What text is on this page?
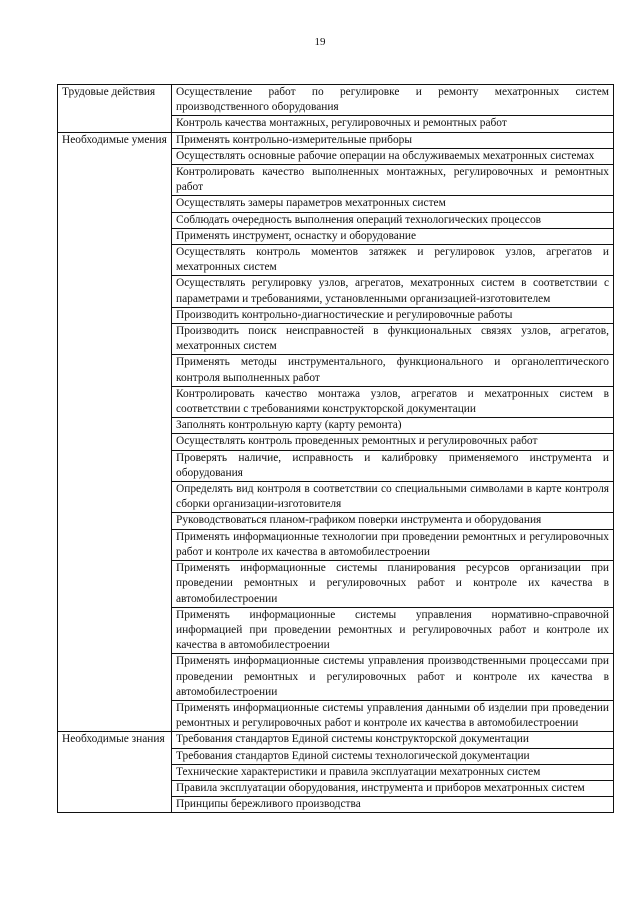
19
Трудовые действия	Осуществление работ по регулировке и ремонту мехатронных систем производственного оборудования
	Контроль качества монтажных, регулировочных и ремонтных работ
Необходимые умения	Применять контрольно-измерительные приборы
	Осуществлять основные рабочие операции на обслуживаемых мехатронных системах
	Контролировать качество выполненных монтажных, регулировочных и ремонтных работ
	Осуществлять замеры параметров мехатронных систем
	Соблюдать очередность выполнения операций технологических процессов
	Применять инструмент, оснастку и оборудование
	Осуществлять контроль моментов затяжек и регулировок узлов, агрегатов и мехатронных систем
	Осуществлять регулировку узлов, агрегатов, мехатронных систем в соответствии с параметрами и требованиями, установленными организацией-изготовителем
	Производить контрольно-диагностические и регулировочные работы
	Производить поиск неисправностей в функциональных связях узлов, агрегатов, мехатронных систем
	Применять методы инструментального, функционального и органолептического контроля выполненных работ
	Контролировать качество монтажа узлов, агрегатов и мехатронных систем в соответствии с требованиями конструкторской документации
	Заполнять контрольную карту (карту ремонта)
	Осуществлять контроль проведенных ремонтных и регулировочных работ
	Проверять наличие, исправность и калибровку применяемого инструмента и оборудования
	Определять вид контроля в соответствии со специальными символами в карте контроля сборки организации-изготовителя
	Руководствоваться планом-графиком поверки инструмента и оборудования
	Применять информационные технологии при проведении ремонтных и регулировочных работ и контроле их качества в автомобилестроении
	Применять информационные системы планирования ресурсов организации при проведении ремонтных и регулировочных работ и контроле их качества в автомобилестроении
	Применять информационные системы управления нормативно-справочной информацией при проведении ремонтных и регулировочных работ и контроле их качества в автомобилестроении
	Применять информационные системы управления производственными процессами при проведении ремонтных и регулировочных работ и контроле их качества в автомобилестроении
	Применять информационные системы управления данными об изделии при проведении ремонтных и регулировочных работ и контроле их качества в автомобилестроении
Необходимые знания	Требования стандартов Единой системы конструкторской документации
	Требования стандартов Единой системы технологической документации
	Технические характеристики и правила эксплуатации мехатронных систем
	Правила эксплуатации оборудования, инструмента и приборов мехатронных систем
	Принципы бережливого производства
